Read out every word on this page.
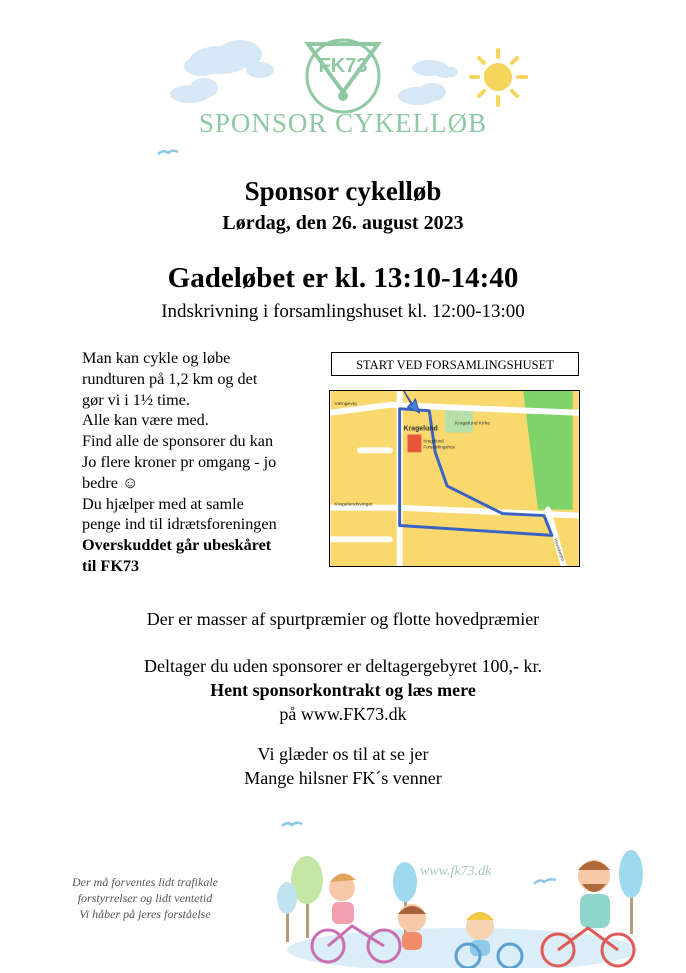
FK73
SPONSOR CYKELLØB
Sponsor cykelløb
Lørdag, den 26. august 2023
Gadeløbet er kl. 13:10-14:40
Indskrivning i forsamlingshuset kl. 12:00-13:00
Man kan cykle og løbe
rundturen på 1,2 km og det
gør vi i 1½ time.
Alle kan være med.
Find alle de sponsorer du kan
Jo flere kroner pr omgang - jo
bedre ☺
Du hjælper med at samle
penge ind til idrætsforeningen
Overskuddet går ubeskåret
til FK73
START VED FORSAMLINGSHUSET
Kragelund
Kragelund Kirke
Kragelund
Forsamlingshus
Kragelundsvinget
Vængevej
Hovedvejen
Der er masser af spurtpræmier og flotte hovedpræmier
Deltager du uden sponsorer er deltagergebyret 100,- kr.
Hent sponsorkontrakt og læs mere
på www.FK73.dk
Vi glæder os til at se jer
Mange hilsner FK´s venner
Der må forventes lidt trafikale
forstyrrelser og lidt ventetid
Vi håber på jeres forståelse
www.fk73.dk
